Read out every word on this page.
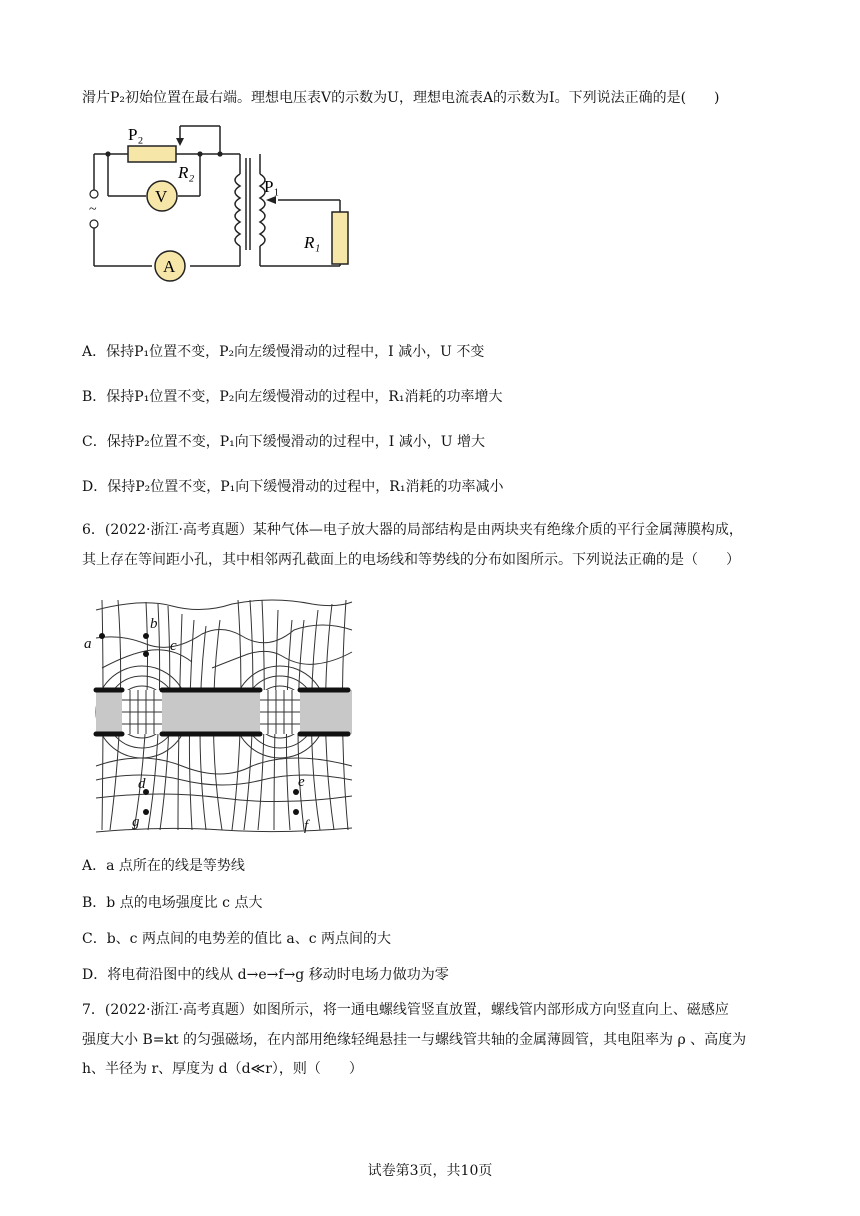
滑片P₂初始位置在最右端。理想电压表V的示数为U，理想电流表A的示数为I。下列说法正确的是(　　)
~
V
A
P₂
R₂
P₁
R₁
A．保持P₁位置不变，P₂向左缓慢滑动的过程中，I 减小，U 不变
B．保持P₁位置不变，P₂向左缓慢滑动的过程中，R₁消耗的功率增大
C．保持P₂位置不变，P₁向下缓慢滑动的过程中，I 减小，U 增大
D．保持P₂位置不变，P₁向下缓慢滑动的过程中，R₁消耗的功率减小
6．(2022·浙江·高考真题）某种气体—电子放大器的局部结构是由两块夹有绝缘介质的平行金属薄膜构成，
其上存在等间距小孔，其中相邻两孔截面上的电场线和等势线的分布如图所示。下列说法正确的是（　　）
a
b
c
d	e
f
g
A．a 点所在的线是等势线
B．b 点的电场强度比 c 点大
C．b、c 两点间的电势差的值比 a、c 两点间的大
D．将电荷沿图中的线从 d→e→f→g 移动时电场力做功为零
7．(2022·浙江·高考真题）如图所示，将一通电螺线管竖直放置，螺线管内部形成方向竖直向上、磁感应
强度大小 B=kt 的匀强磁场，在内部用绝缘轻绳悬挂一与螺线管共轴的金属薄圆管，其电阻率为 ρ 、高度为
h、半径为 r、厚度为 d（d≪r），则（　　）
试卷第3页，共10页
